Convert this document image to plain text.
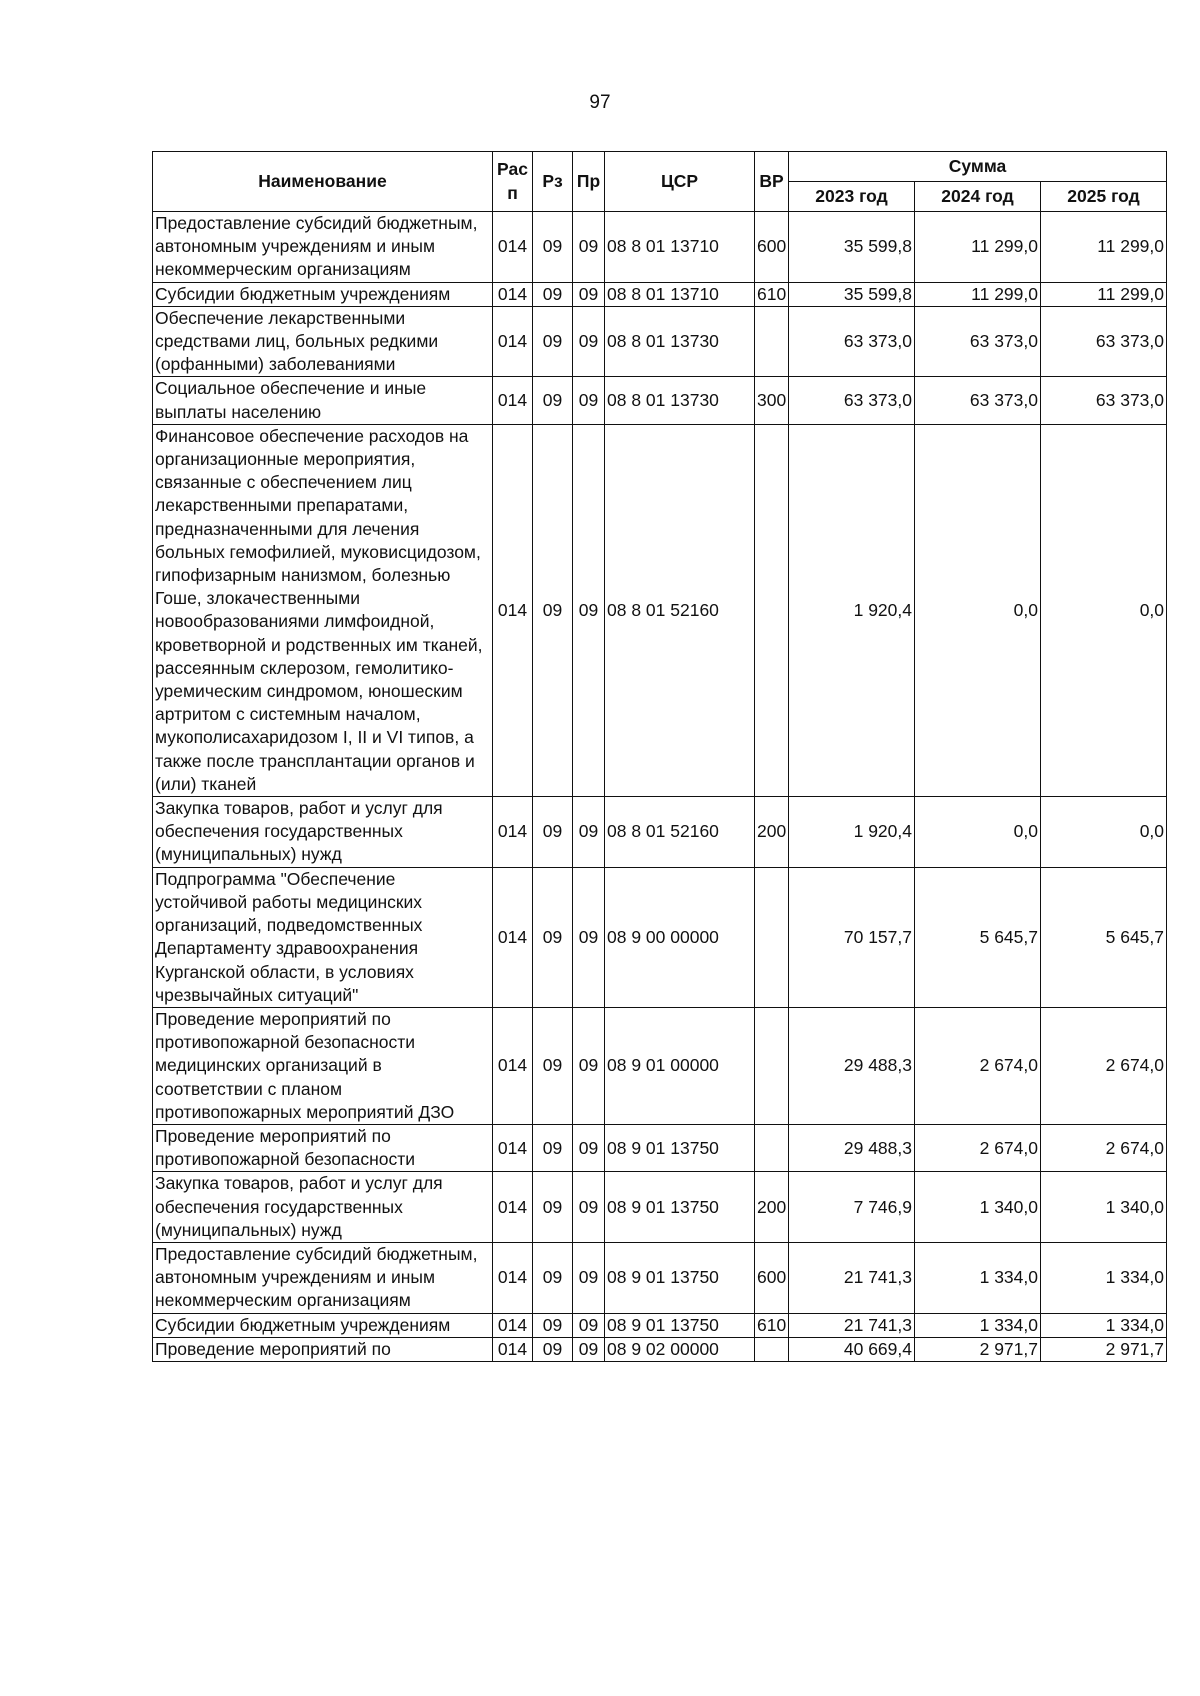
97
Наименование	Рас п	Рз	Пр	ЦСР	ВР	Сумма		
						2023 год	2024 год	2025 год
Предоставление субсидий бюджетным, автономным учреждениям и иным некоммерческим организациям	014	09	09	08 8 01 13710	600	35 599,8	11 299,0	11 299,0
Субсидии бюджетным учреждениям	014	09	09	08 8 01 13710	610	35 599,8	11 299,0	11 299,0
Обеспечение лекарственными средствами лиц, больных редкими (орфанными) заболеваниями	014	09	09	08 8 01 13730		63 373,0	63 373,0	63 373,0
Социальное обеспечение и иные выплаты населению	014	09	09	08 8 01 13730	300	63 373,0	63 373,0	63 373,0
Финансовое обеспечение расходов на организационные мероприятия, связанные с обеспечением лиц лекарственными препаратами, предназначенными для лечения больных гемофилией, муковисцидозом, гипофизарным нанизмом, болезнью Гоше, злокачественными новообразованиями лимфоидной, кроветворной и родственных им тканей, рассеянным склерозом, гемолитико-уремическим синдромом, юношеским артритом с системным началом, мукополисахаридозом I, II и VI типов, а также после трансплантации органов и (или) тканей	014	09	09	08 8 01 52160		1 920,4	0,0	0,0
Закупка товаров, работ и услуг для обеспечения государственных (муниципальных) нужд	014	09	09	08 8 01 52160	200	1 920,4	0,0	0,0
Подпрограмма "Обеспечение устойчивой работы медицинских организаций, подведомственных Департаменту здравоохранения Курганской области, в условиях чрезвычайных ситуаций"	014	09	09	08 9 00 00000		70 157,7	5 645,7	5 645,7
Проведение мероприятий по противопожарной безопасности медицинских организаций в соответствии с планом противопожарных мероприятий ДЗО	014	09	09	08 9 01 00000		29 488,3	2 674,0	2 674,0
Проведение мероприятий по противопожарной безопасности	014	09	09	08 9 01 13750		29 488,3	2 674,0	2 674,0
Закупка товаров, работ и услуг для обеспечения государственных (муниципальных) нужд	014	09	09	08 9 01 13750	200	7 746,9	1 340,0	1 340,0
Предоставление субсидий бюджетным, автономным учреждениям и иным некоммерческим организациям	014	09	09	08 9 01 13750	600	21 741,3	1 334,0	1 334,0
Субсидии бюджетным учреждениям	014	09	09	08 9 01 13750	610	21 741,3	1 334,0	1 334,0
Проведение мероприятий по	014	09	09	08 9 02 00000		40 669,4	2 971,7	2 971,7
